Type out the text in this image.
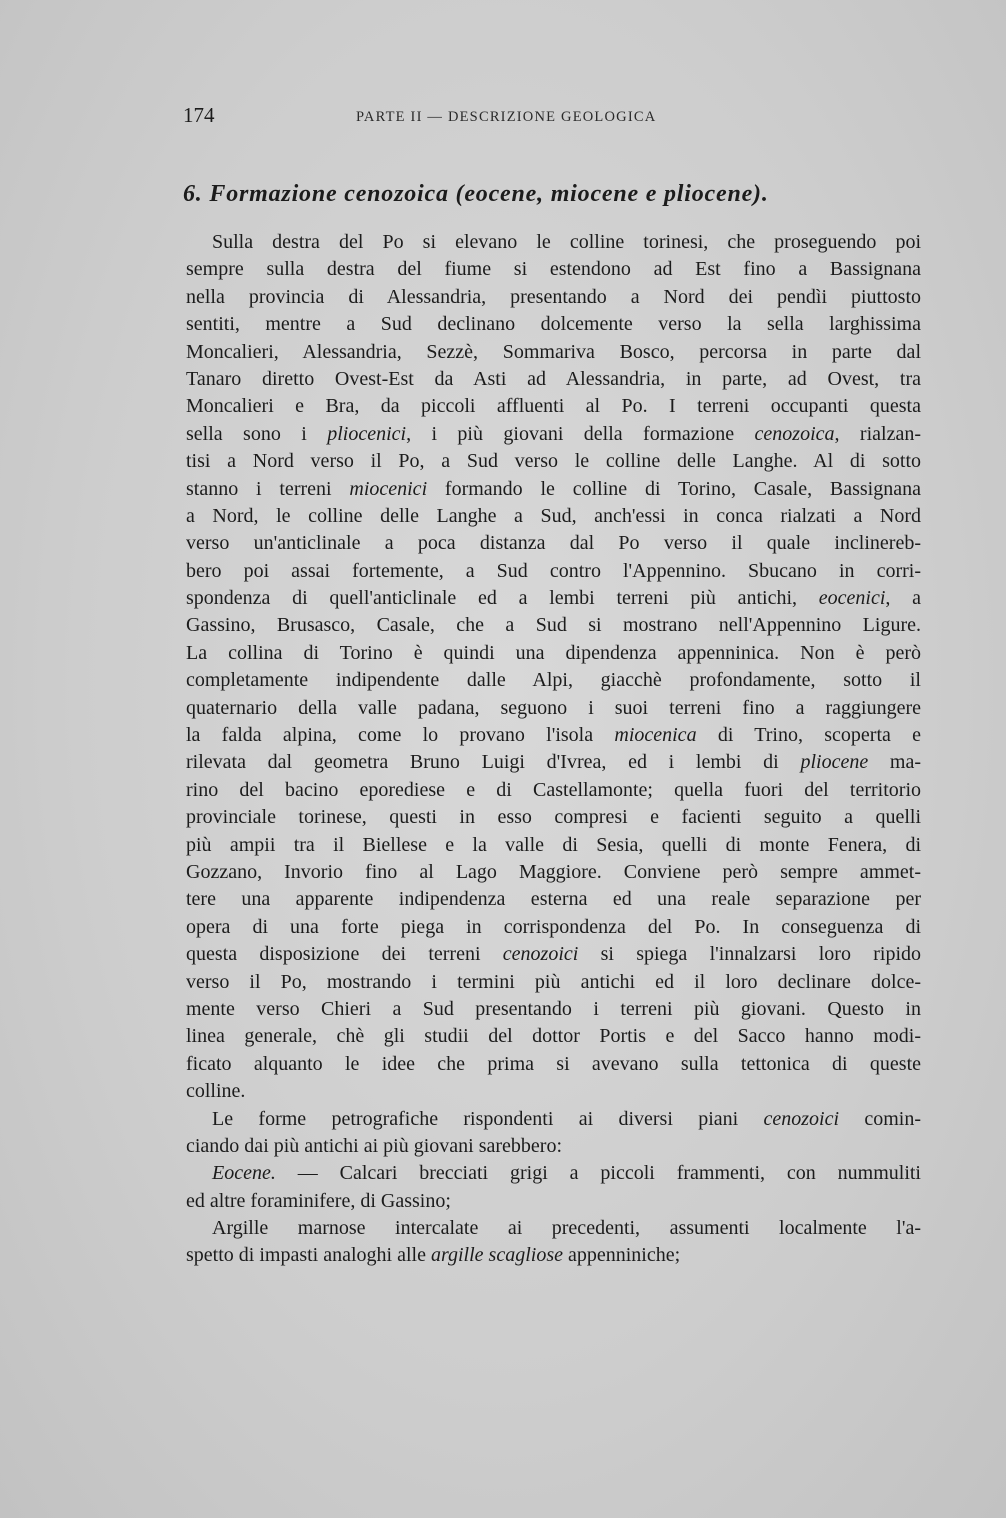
174	PARTE II — DESCRIZIONE GEOLOGICA
6. Formazione cenozoica (eocene, miocene e pliocene).
Sulla destra del Po si elevano le colline torinesi, che proseguendo poi
sempre sulla destra del fiume si estendono ad Est fino a Bassignana
nella provincia di Alessandria, presentando a Nord dei pendìi piuttosto
sentiti, mentre a Sud declinano dolcemente verso la sella larghissima
Moncalieri, Alessandria, Sezzè, Sommariva Bosco, percorsa in parte dal
Tanaro diretto Ovest-Est da Asti ad Alessandria, in parte, ad Ovest, tra
Moncalieri e Bra, da piccoli affluenti al Po. I terreni occupanti questa
sella sono i pliocenici, i più giovani della formazione cenozoica, rialzan-
tisi a Nord verso il Po, a Sud verso le colline delle Langhe. Al di sotto
stanno i terreni miocenici formando le colline di Torino, Casale, Bassignana
a Nord, le colline delle Langhe a Sud, anch'essi in conca rialzati a Nord
verso un'anticlinale a poca distanza dal Po verso il quale inclinereb-
bero poi assai fortemente, a Sud contro l'Appennino. Sbucano in corri-
spondenza di quell'anticlinale ed a lembi terreni più antichi, eocenici, a
Gassino, Brusasco, Casale, che a Sud si mostrano nell'Appennino Ligure.
La collina di Torino è quindi una dipendenza appenninica. Non è però
completamente indipendente dalle Alpi, giacchè profondamente, sotto il
quaternario della valle padana, seguono i suoi terreni fino a raggiungere
la falda alpina, come lo provano l'isola miocenica di Trino, scoperta e
rilevata dal geometra Bruno Luigi d'Ivrea, ed i lembi di pliocene ma-
rino del bacino eporediese e di Castellamonte; quella fuori del territorio
provinciale torinese, questi in esso compresi e facienti seguito a quelli
più ampii tra il Biellese e la valle di Sesia, quelli di monte Fenera, di
Gozzano, Invorio fino al Lago Maggiore. Conviene però sempre ammet-
tere una apparente indipendenza esterna ed una reale separazione per
opera di una forte piega in corrispondenza del Po. In conseguenza di
questa disposizione dei terreni cenozoici si spiega l'innalzarsi loro ripido
verso il Po, mostrando i termini più antichi ed il loro declinare dolce-
mente verso Chieri a Sud presentando i terreni più giovani. Questo in
linea generale, chè gli studii del dottor Portis e del Sacco hanno modi-
ficato alquanto le idee che prima si avevano sulla tettonica di queste
colline.
Le forme petrografiche rispondenti ai diversi piani cenozoici comin-
ciando dai più antichi ai più giovani sarebbero:
Eocene. — Calcari brecciati grigi a piccoli frammenti, con nummuliti
ed altre foraminifere, di Gassino;
Argille marnose intercalate ai precedenti, assumenti localmente l'a-
spetto di impasti analoghi alle argille scagliose appenniniche;
